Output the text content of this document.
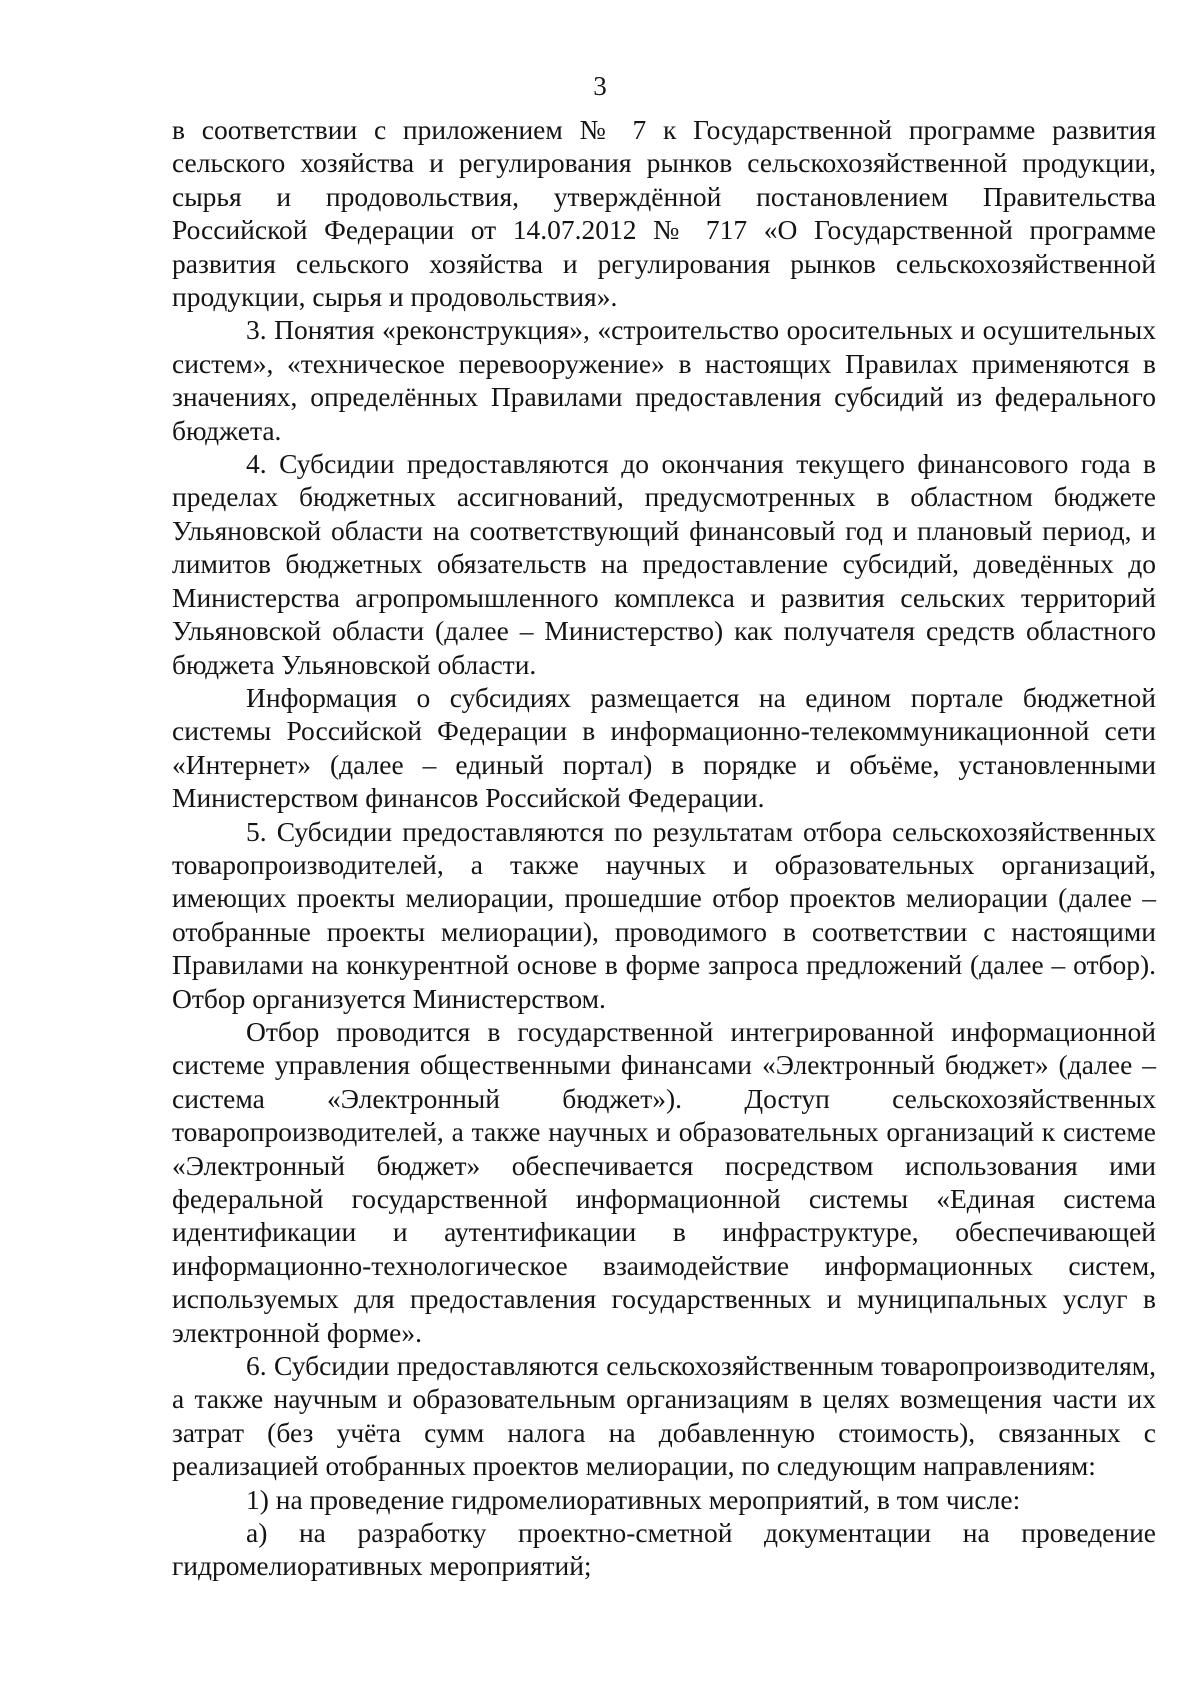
3

в соответствии с приложением № 7 к Государственной программе развития сельского хозяйства и регулирования рынков сельскохозяйственной продукции, сырья и продовольствия, утверждённой постановлением Правительства Российской Федерации от 14.07.2012 № 717 «О Государственной программе развития сельского хозяйства и регулирования рынков сельскохозяйственной продукции, сырья и продовольствия».

3. Понятия «реконструкция», «строительство оросительных и осушительных систем», «техническое перевооружение» в настоящих Правилах применяются в значениях, определённых Правилами предоставления субсидий из федерального бюджета.

4. Субсидии предоставляются до окончания текущего финансового года в пределах бюджетных ассигнований, предусмотренных в областном бюджете Ульяновской области на соответствующий финансовый год и плановый период, и лимитов бюджетных обязательств на предоставление субсидий, доведённых до Министерства агропромышленного комплекса и развития сельских территорий Ульяновской области (далее – Министерство) как получателя средств областного бюджета Ульяновской области.

Информация о субсидиях размещается на едином портале бюджетной системы Российской Федерации в информационно-телекоммуникационной сети «Интернет» (далее – единый портал) в порядке и объёме, установленными Министерством финансов Российской Федерации.

5. Субсидии предоставляются по результатам отбора сельскохозяйственных товаропроизводителей, а также научных и образовательных организаций, имеющих проекты мелиорации, прошедшие отбор проектов мелиорации (далее – отобранные проекты мелиорации), проводимого в соответствии с настоящими Правилами на конкурентной основе в форме запроса предложений (далее – отбор). Отбор организуется Министерством.

Отбор проводится в государственной интегрированной информационной системе управления общественными финансами «Электронный бюджет» (далее – система «Электронный бюджет»). Доступ сельскохозяйственных товаропроизводителей, а также научных и образовательных организаций к системе «Электронный бюджет» обеспечивается посредством использования ими федеральной государственной информационной системы «Единая система идентификации и аутентификации в инфраструктуре, обеспечивающей информационно-технологическое взаимодействие информационных систем, используемых для предоставления государственных и муниципальных услуг в электронной форме».

6. Субсидии предоставляются сельскохозяйственным товаропроизводителям, а также научным и образовательным организациям в целях возмещения части их затрат (без учёта сумм налога на добавленную стоимость), связанных с реализацией отобранных проектов мелиорации, по следующим направлениям:

1) на проведение гидромелиоративных мероприятий, в том числе:

а) на разработку проектно-сметной документации на проведение гидромелиоративных мероприятий;
